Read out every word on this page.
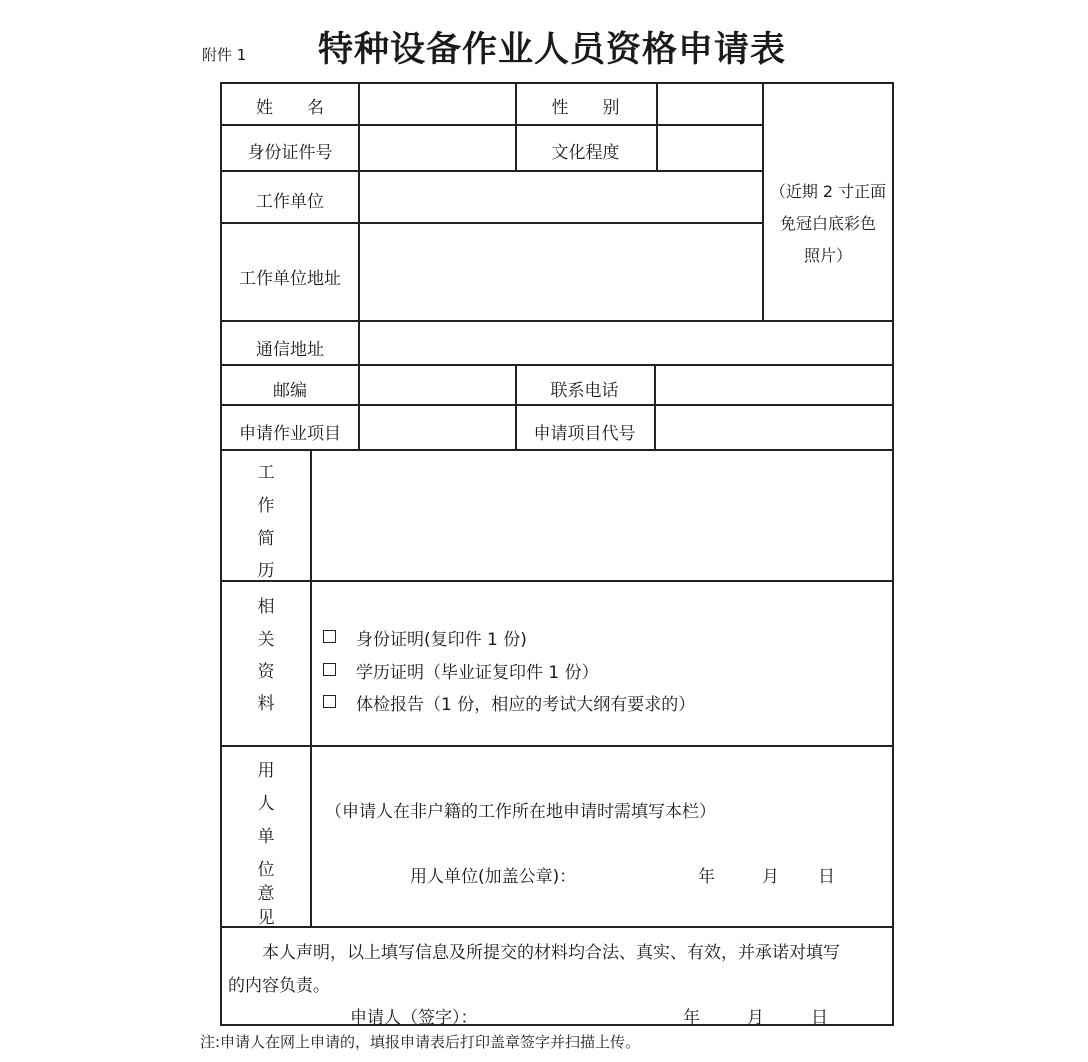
附件 1 特种设备作业人员资格申请表
姓　　名	性　　别
身份证件号	文化程度
工作单位
工作单位地址
（近期 2 寸正面
免冠白底彩色
照片）
通信地址
邮编	联系电话
申请作业项目	申请项目代号
工
作
简
历
相
关
资
料
身份证明(复印件 1 份)
学历证明（毕业证复印件 1 份）
体检报告（1 份，相应的考试大纲有要求的）
用
人
单
位
意
见
（申请人在非户籍的工作所在地申请时需填写本栏）
用人单位(加盖公章)：	年	月 日
本人声明，以上填写信息及所提交的材料均合法、真实、有效，并承诺对填写
的内容负责。
申请人（签字）：	年	月	日
注:申请人在网上申请的，填报申请表后打印盖章签字并扫描上传。
